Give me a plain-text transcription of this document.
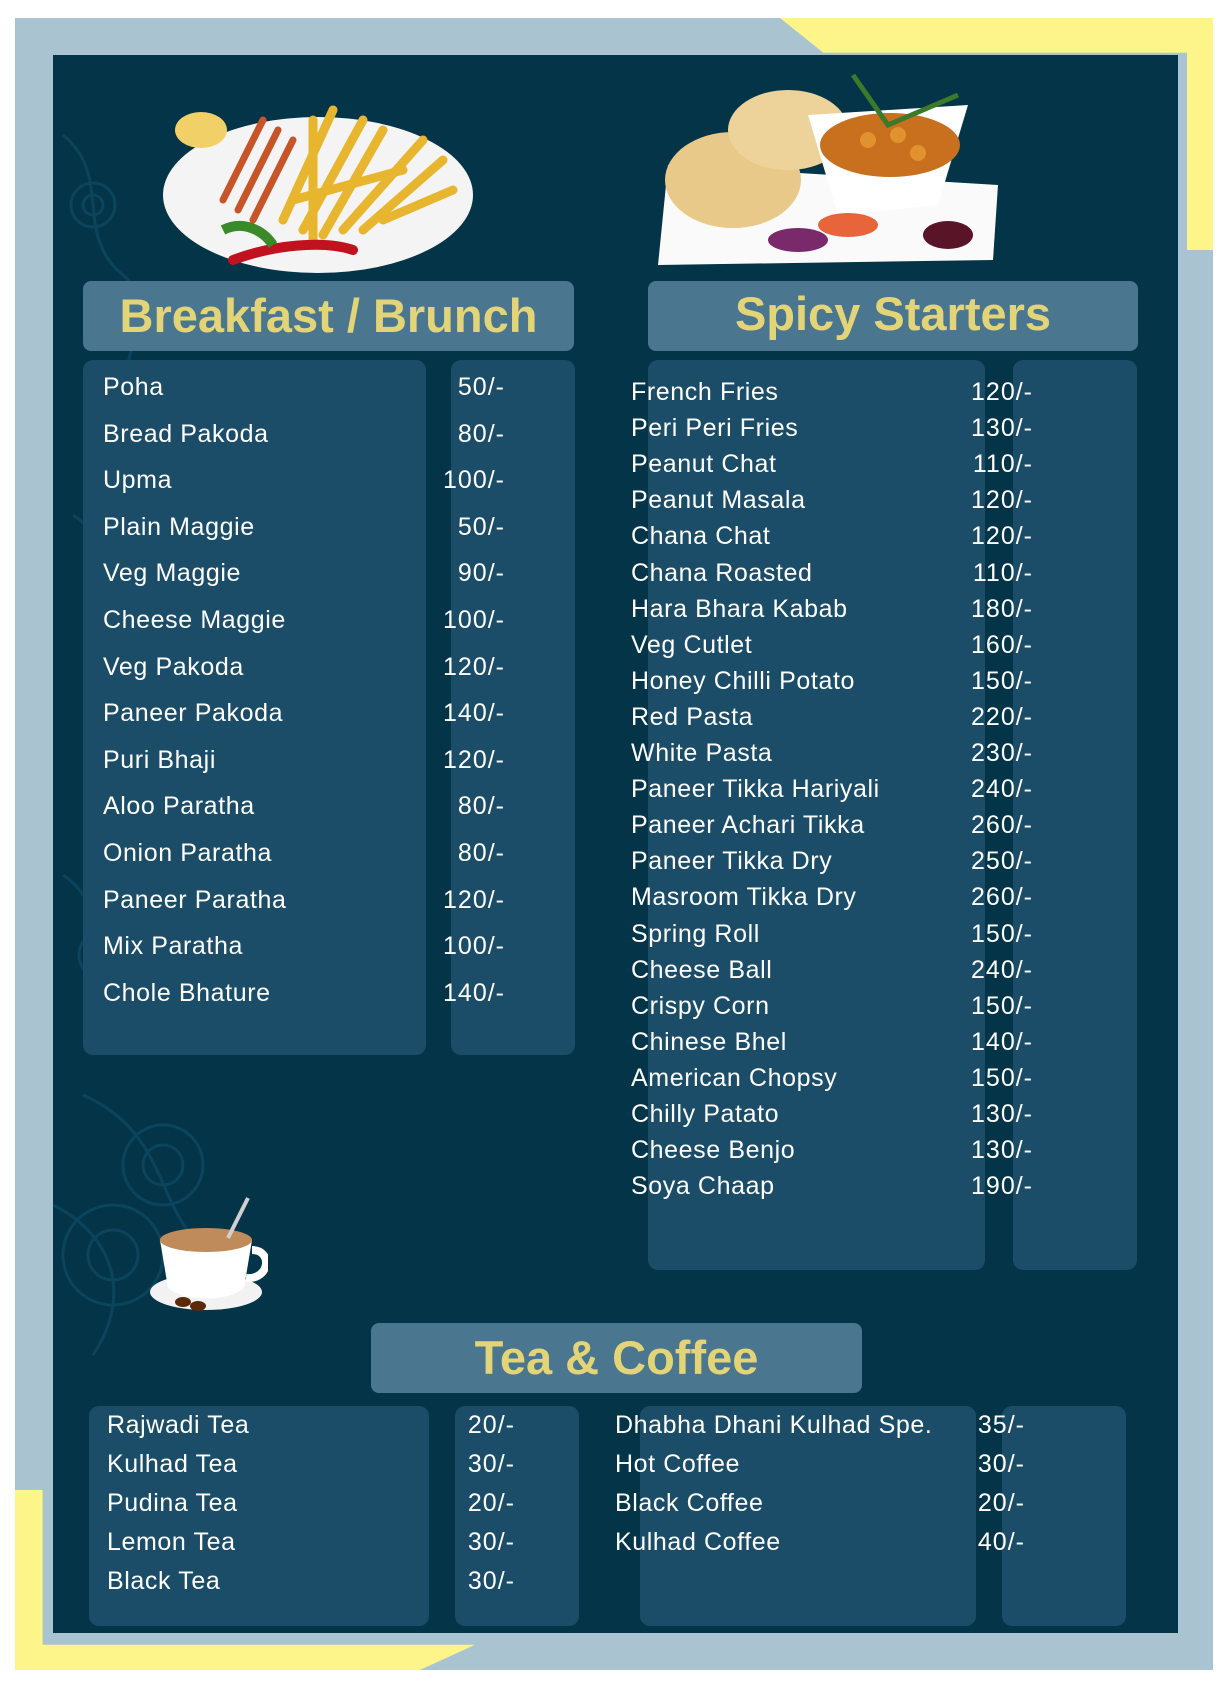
Breakfast / Brunch
Poha	50/-
Bread Pakoda	80/-
Upma	100/-
Plain Maggie	50/-
Veg Maggie	90/-
Cheese Maggie	100/-
Veg Pakoda	120/-
Paneer Pakoda	140/-
Puri Bhaji	120/-
Aloo Paratha	80/-
Onion Paratha	80/-
Paneer Paratha	120/-
Mix Paratha	100/-
Chole Bhature	140/-
Spicy Starters
French Fries	120/-
Peri Peri Fries	130/-
Peanut Chat	110/-
Peanut Masala	120/-
Chana Chat	120/-
Chana Roasted	110/-
Hara Bhara Kabab	180/-
Veg Cutlet	160/-
Honey Chilli Potato	150/-
Red Pasta	220/-
White Pasta	230/-
Paneer Tikka Hariyali	240/-
Paneer Achari Tikka	260/-
Paneer Tikka Dry	250/-
Masroom Tikka Dry	260/-
Spring Roll	150/-
Cheese Ball	240/-
Crispy Corn	150/-
Chinese Bhel	140/-
American Chopsy	150/-
Chilly Patato	130/-
Cheese Benjo	130/-
Soya Chaap	190/-
Tea & Coffee
Rajwadi Tea	20/-
Kulhad Tea	30/-
Pudina Tea	20/-
Lemon Tea	30/-
Black Tea	30/-
Dhabha Dhani Kulhad Spe. 35/-
Hot Coffee	30/-
Black Coffee	20/-
Kulhad Coffee	40/-
